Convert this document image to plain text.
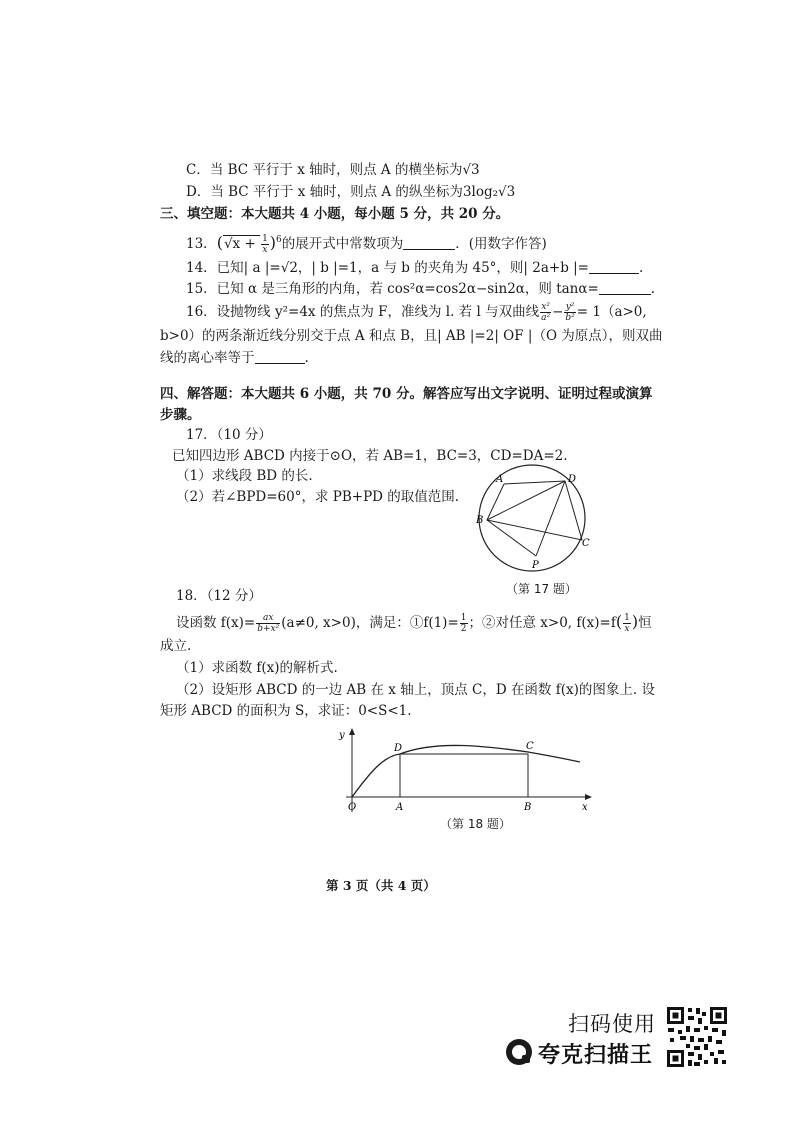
C．当 BC 平行于 x 轴时，则点 A 的横坐标为√3
D．当 BC 平行于 x 轴时，则点 A 的纵坐标为3log₂√3
三、填空题：本大题共 4 小题，每小题 5 分，共 20 分。
13．$(√x + \frac{1}{x} )^6$的展开式中常数项为	．(用数字作答)
14．已知| a |=√2，| b |=1，a 与 b 的夹角为 45°，则| 2a+b |=	.
15．已知 α 是三角形的内角，若 cos²α=cos2α−sin2α，则 tanα=	.
16．设抛物线 y²=4x 的焦点为 F，准线为 l. 若 l 与双曲线 $\frac{\text{x²}}{\text{a²}} - \frac{\text{y²}}{\text{b²}} = 1(a>0$,
b>0）的两条渐近线分别交于点 A 和点 B，且| AB |=2| OF |（O 为原点），则双曲
线的离心率等于	.
四、解答题：本大题共 6 小题，共 70 分。解答应写出文字说明、证明过程或演算
步骤。
17．（10 分）
已知四边形 ABCD 内接于⊙O，若 AB=1，BC=3，CD=DA=2.
（1）求线段 BD 的长.
（2）若∠BPD=60°，求 PB+PD 的取值范围.
A	D
B
C
P
（第 17 题）
18．（12 分）
设函数 $f(x)= \frac{ax}{\text{b+x²}} (a\ne 0$, x>0)，满足：①f(1)= $\frac{1}{2}$ ；②对任意 x>0, $f(x)=f( \frac{1}{x}$ )恒
成立.
（1）求函数 f(x)的解析式.
（2）设矩形 ABCD 的一边 AB 在 x 轴上，顶点 C，D 在函数 f(x)的图象上. 设
矩形 ABCD 的面积为 S，求证：0<S<1.
y
x
O	A	B
D	C
（第 18 题）
第 3 页（共 4 页）
扫码使用
夸克扫描王
